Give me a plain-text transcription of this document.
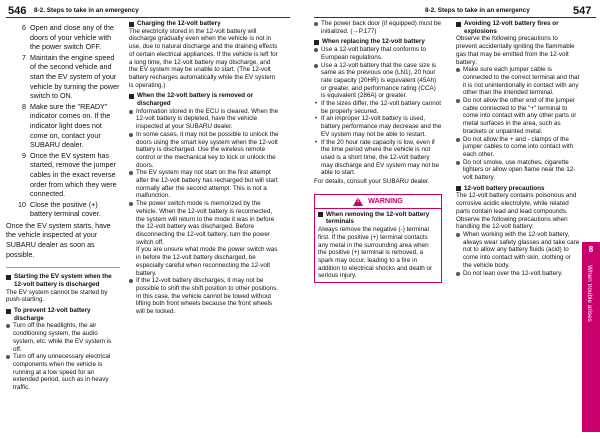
546 8-2. Steps to take in an emergency	8-2. Steps to take in an emergency	547
6 Open and close any of the doors of your vehicle with the power switch OFF.
7 Maintain the engine speed of the second vehicle and start the EV system of your vehicle by turning the power switch to ON.
8 Make sure the "READY" indicator comes on. If the indicator light does not come on, contact your SUBARU dealer.
9 Once the EV system has started, remove the jumper cables in the exact reverse order from which they were connected.
10 Close the positive (+) battery terminal cover.
Once the EV system starts, have the vehicle inspected at your SUBARU dealer as soon as possible.
Starting the EV system when the 12-volt battery is discharged
The EV system cannot be started by push-starting.
To prevent 12-volt battery discharge
Turn off the headlights, the air conditioning system, the audio system, etc. while the EV system is off.
Turn off any unnecessary electrical components when the vehicle is running at a low speed for an extended period, such as in heavy traffic.
Charging the 12-volt battery
The electricity stored in the 12-volt battery will discharge gradually even when the vehicle is not in use, due to natural discharge and the draining effects of certain electrical appliances. If the vehicle is left for a long time, the 12-volt battery may discharge, and the EV system may be unable to start. (The 12-volt battery recharges automatically while the EV system is operating.)
When the 12-volt battery is removed or discharged
Information stored in the ECU is cleared. When the 12-volt battery is depleted, have the vehicle inspected at your SUBARU dealer.
In some cases, it may not be possible to unlock the doors using the smart key system when the 12-volt battery is discharged. Use the wireless remote control or the mechanical key to lock or unlock the doors.
The EV system may not start on the first attempt after the 12-volt battery has recharged but will start normally after the second attempt. This is not a malfunction.
The power switch mode is memorized by the vehicle. When the 12-volt battery is reconnected, the system will return to the mode it was in before the 12-volt battery was discharged. Before disconnecting the 12-volt battery, turn the power switch off.
If you are unsure what mode the power switch was in before the 12-volt battery discharged, be especially careful when reconnecting the 12-volt battery.
If the 12-volt battery discharges, it may not be possible to shift the shift position to other positions. In this case, the vehicle cannot be towed without lifting both front wheels because the front wheels will be locked.
The power back door (if equipped) must be initialized. (→P.177)
When replacing the 12-volt battery
Use a 12-volt battery that conforms to European regulations.
Use a 12-volt battery that the case size is same as the previous one (LN1), 20 hour rate capacity (20HR) is equivalent (45Ah) or greater, and performance rating (CCA) is equivalent (286A) or greater.
• If the sizes differ, the 12-volt battery cannot be properly secured.
• If an improper 12-volt battery is used, battery performance may decrease and the EV system may not be able to restart.
• If the 20 hour rate capacity is low, even if the time period where the vehicle is not used is a short time, the 12-volt battery may discharge and EV system may not be able to start.
For details, consult your SUBARU dealer.
!
WARNING
When removing the 12-volt battery terminals
Always remove the negative (-) terminal first. If the positive (+) terminal contacts any metal in the surrounding area when the positive (+) terminal is removed, a spark may occur, leading to a fire in addition to electrical shocks and death or serious injury.
Avoiding 12-volt battery fires or explosions
Observe the following precautions to prevent accidentally igniting the flammable gas that may be emitted from the 12-volt battery:
Make sure each jumper cable is connected to the correct terminal and that it is not unintentionally in contact with any other than the intended terminal.
Do not allow the other end of the jumper cable connected to the "+" terminal to come into contact with any other parts or metal surfaces in the area, such as brackets or unpainted metal.
Do not allow the + and - clamps of the jumper cables to come into contact with each other.
Do not smoke, use matches, cigarette lighters or allow open flame near the 12-volt battery.
12-volt battery precautions
The 12-volt battery contains poisonous and corrosive acidic electrolyte, while related parts contain lead and lead compounds. Observe the following precautions when handling the 12-volt battery:
When working with the 12-volt battery, always wear safety glasses and take care not to allow any battery fluids (acid) to come into contact with skin, clothing or the vehicle body.
Do not lean over the 12-volt battery.
8
When trouble arises
